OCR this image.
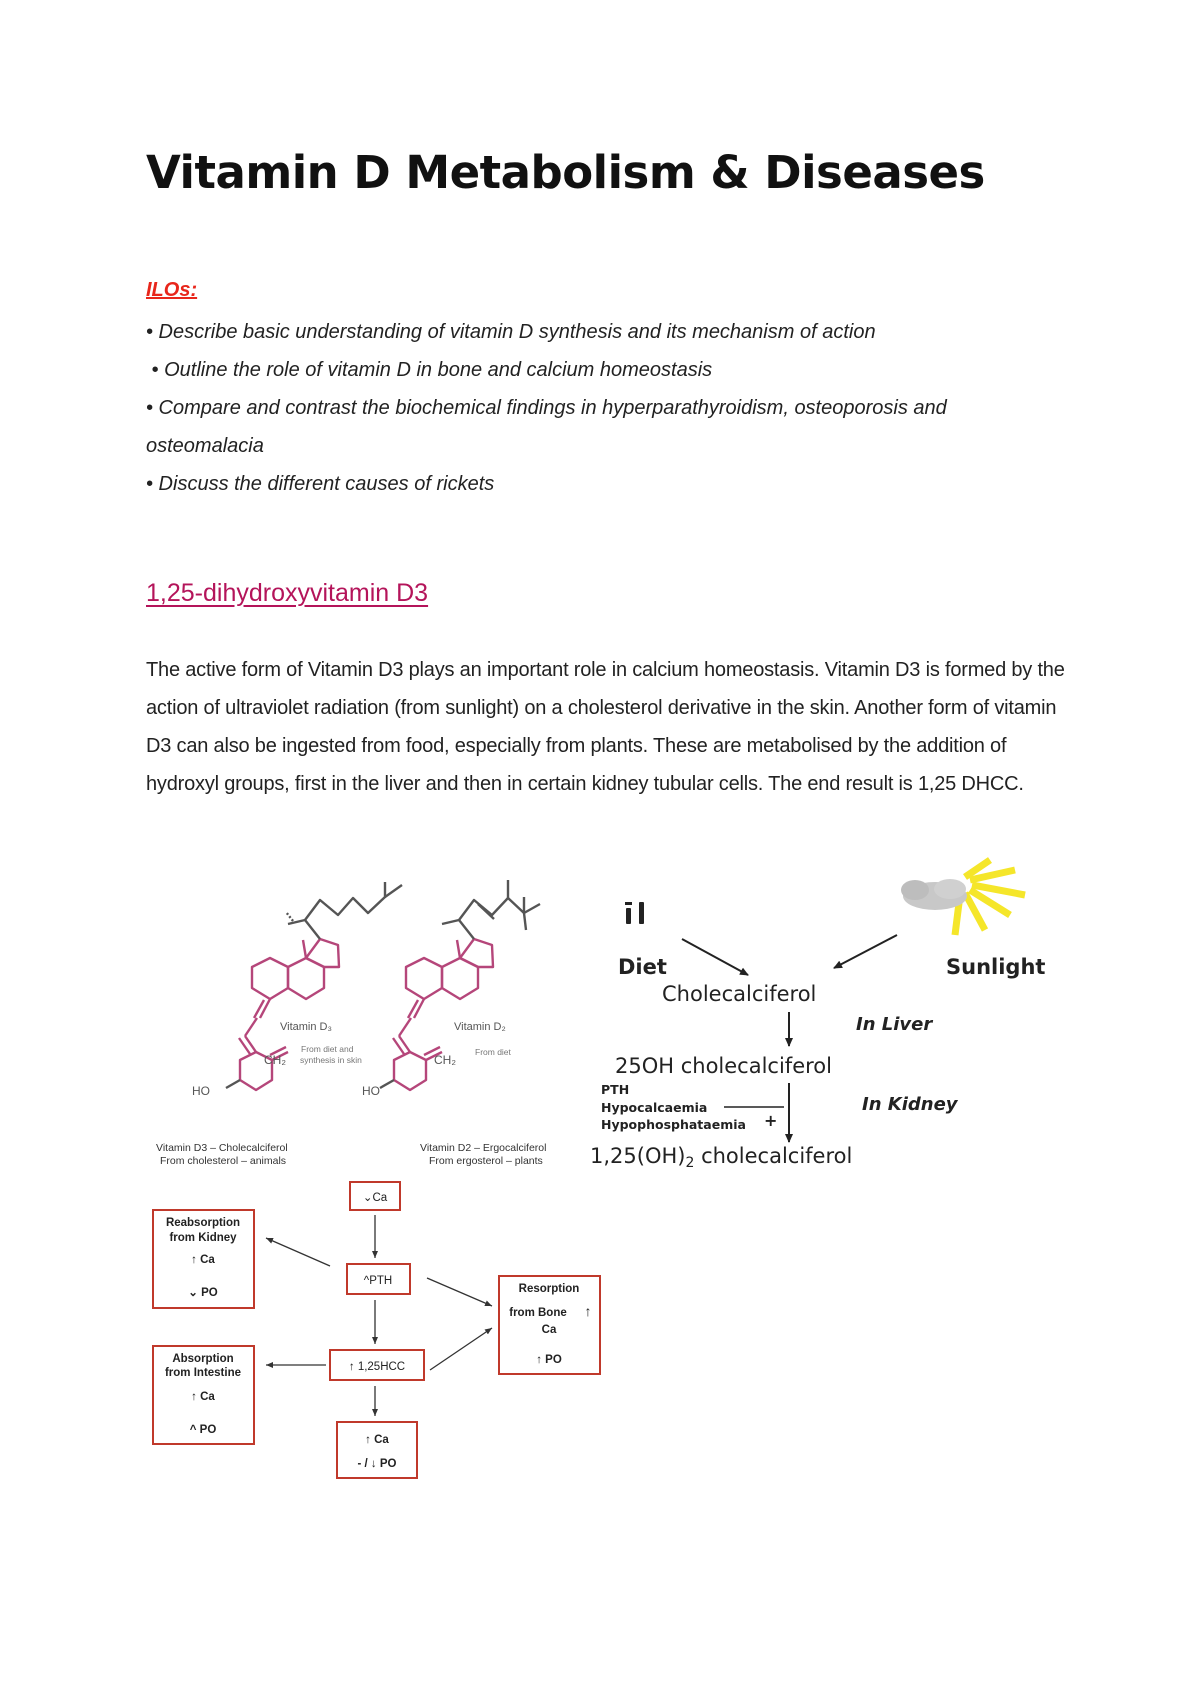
Vitamin D Metabolism & Diseases

ILOs:

• Describe basic understanding of vitamin D synthesis and its mechanism of action
• Outline the role of vitamin D in bone and calcium homeostasis
• Compare and contrast the biochemical findings in hyperparathyroidism, osteoporosis and osteomalacia
• Discuss the different causes of rickets
1,25-dihydroxyvitamin D3

The active form of Vitamin D3 plays an important role in calcium homeostasis. Vitamin D3 is formed by the action of ultraviolet radiation (from sunlight) on a cholesterol derivative in the skin. Another form of vitamin D3 can also be ingested from food, especially from plants. These are metabolised by the addition of hydroxyl groups, first in the liver and then in certain kidney tubular cells. The end result is 1,25 DHCC.

Vitamin D₃
From diet and
synthesis in skin
CH₂
HO
Vitamin D3 – Cholecalciferol
From cholesterol – animals
Vitamin D₂
From diet
CH₂
HO
Vitamin D2 – Ergocalciferol
From ergosterol – plants
Diet	Sunlight
Cholecalciferol
In Liver
25OH cholecalciferol
PTH
Hypocalcaemia
Hypophosphataemia +
In Kidney
1,25(OH)2 cholecalciferol
⌄Ca
^PTH
↑ 1,25HCC
↑ Ca
- / ↓ PO
Reabsorption
from Kidney
↑ Ca
⌄ PO
Absorption
from Intestine
↑ Ca
^ PO
Resorption
from Bone ↑
Ca
↑ PO
